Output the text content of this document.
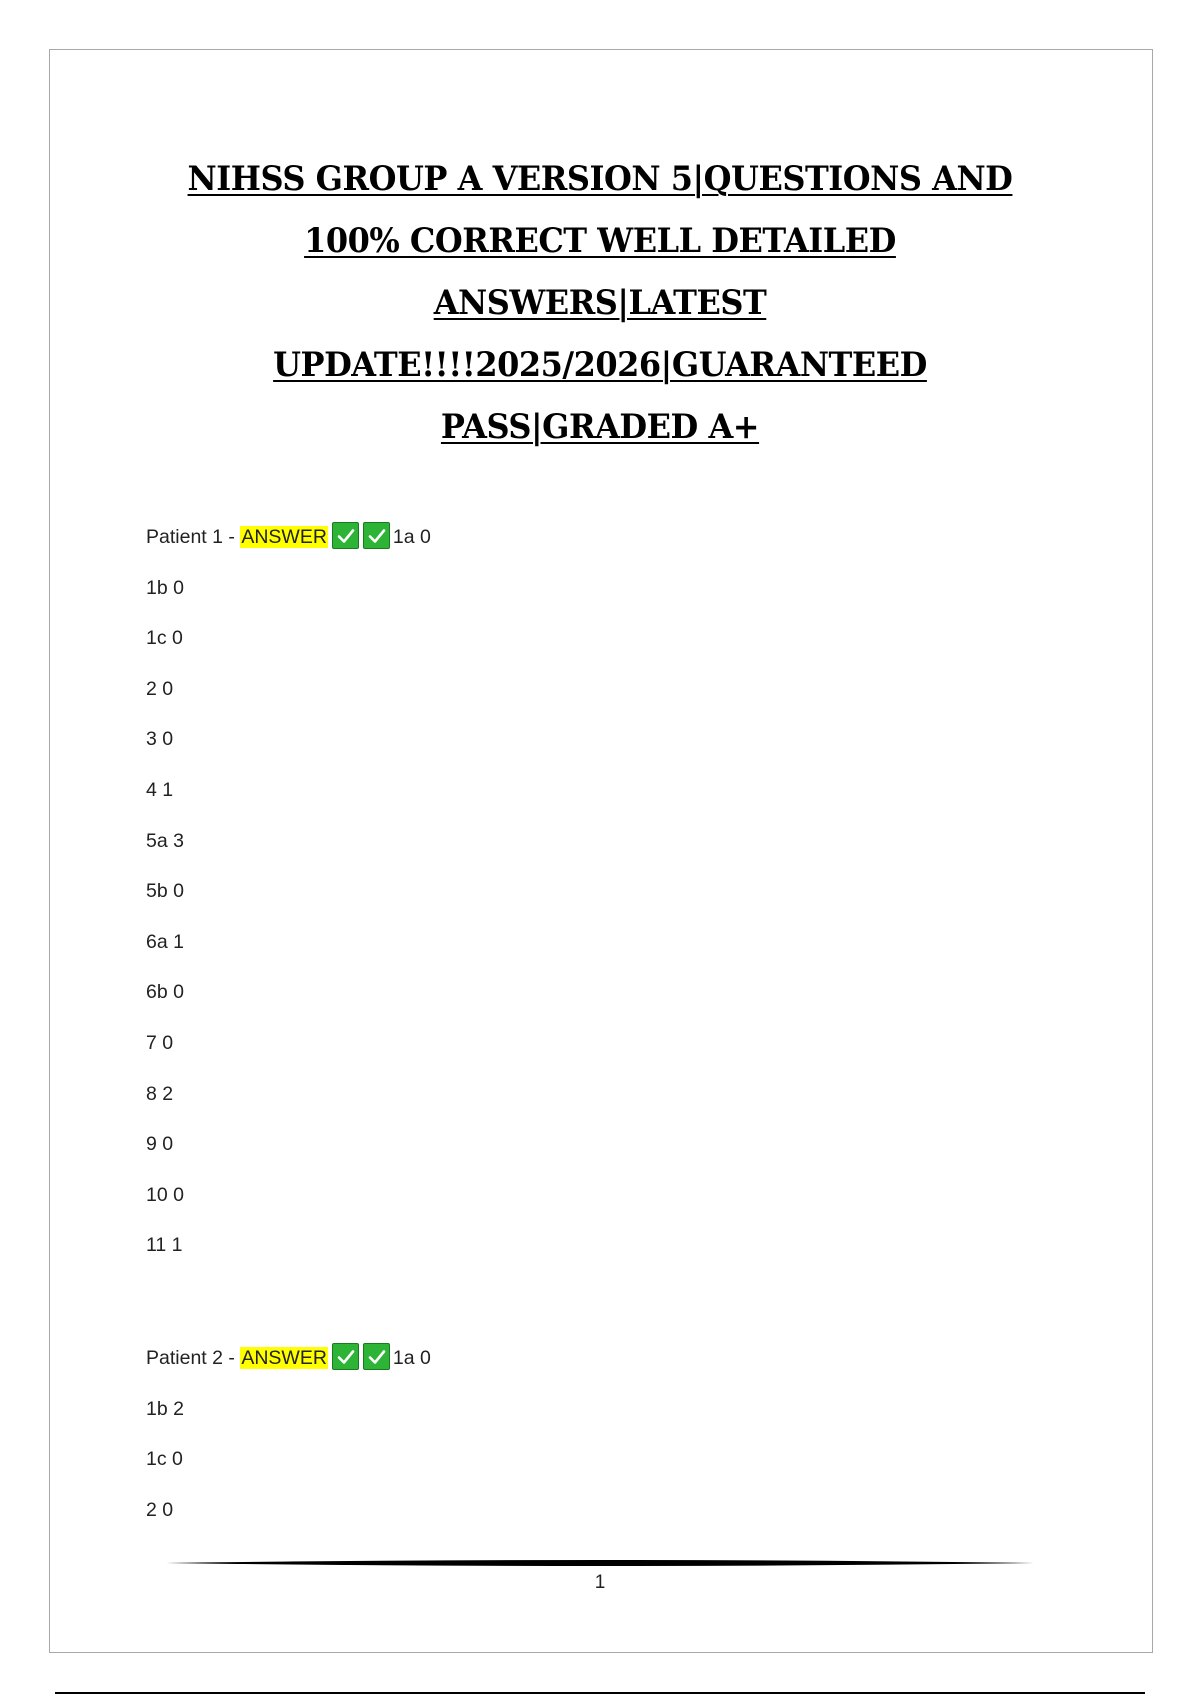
NIHSS GROUP A VERSION 5|QUESTIONS AND
100% CORRECT WELL DETAILED
ANSWERS|LATEST
UPDATE!!!!2025/2026|GUARANTEED
PASS|GRADED A+
Patient 1 - ANSWER	1a 0
1b 0
1c 0
2 0
3 0
4 1
5a 3
5b 0
6a 1
6b 0
7 0
8 2
9 0
10 0
11 1
Patient 2 - ANSWER	1a 0
1b 2
1c 0
2 0
1
